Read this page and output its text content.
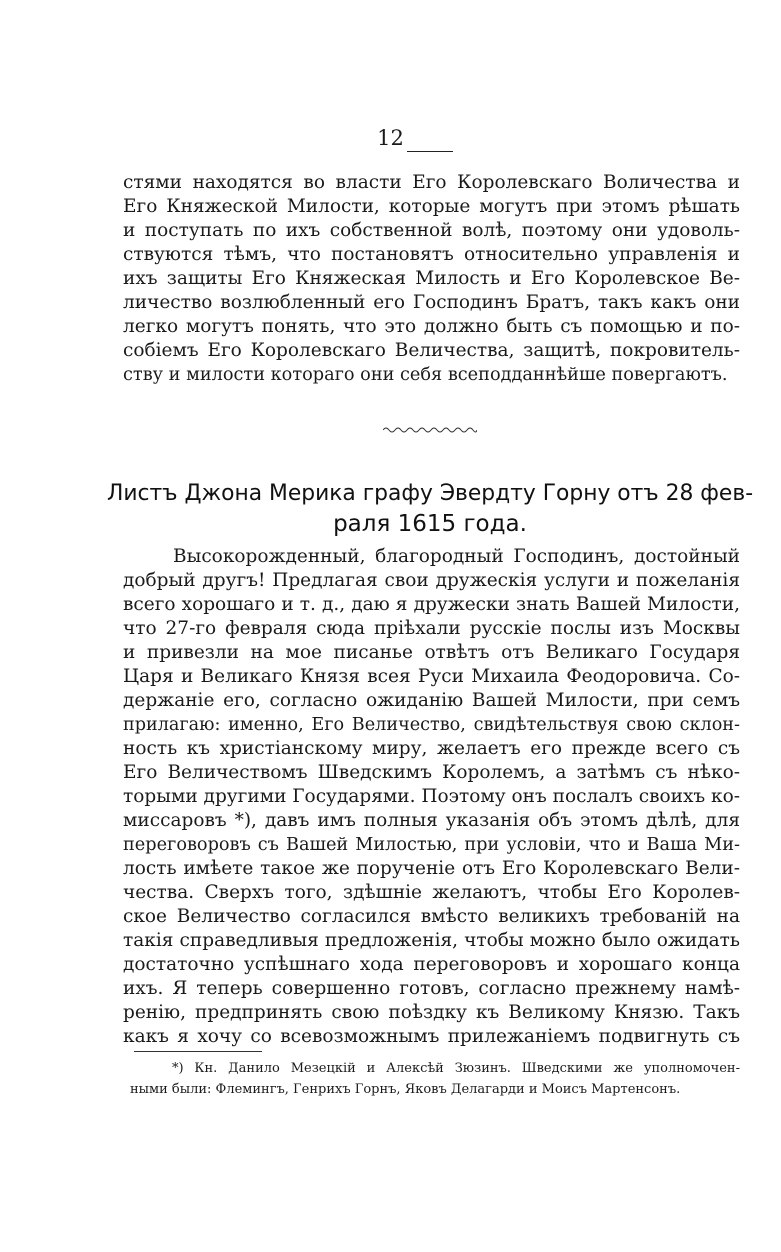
12
стями находятся во власти Его Королевскаго Воличества и
Его Княжеской Милости, которые могутъ при этомъ рѣшать
и поступать по ихъ собственной волѣ, поэтому они удоволь-
ствуются тѣмъ, что постановятъ относительно управленія и
ихъ защиты Его Княжеская Милость и Его Королевское Ве-
личество возлюбленный его Господинъ Братъ, такъ какъ они
легко могутъ понять, что это должно быть съ помощью и по-
собіемъ Его Королевскаго Величества, защитѣ, покровитель-
ству и милости котораго они себя всеподданнѣйше повергаютъ.
Листъ Джона Мерика графу Эвердту Горну отъ 28 фев-
раля 1615 года.
Высокорожденный, благородный Господинъ, достойный
добрый другъ! Предлагая свои дружескія услуги и пожеланія
всего хорошаго и т. д., даю я дружески знать Вашей Милости,
что 27-го февраля сюда пріѣхали русскіе послы изъ Москвы
и привезли на мое писанье отвѣтъ отъ Великаго Государя
Царя и Великаго Князя всея Руси Михаила Феодоровича. Со-
держаніе его, согласно ожиданію Вашей Милости, при семъ
прилагаю: именно, Его Величество, свидѣтельствуя свою склон-
ность къ христіанскому миру, желаетъ его прежде всего съ
Его Величествомъ Шведскимъ Королемъ, а затѣмъ съ нѣко-
торыми другими Государями. Поэтому онъ послалъ своихъ ко-
миссаровъ *), давъ имъ полныя указанія объ этомъ дѣлѣ, для
переговоровъ съ Вашей Милостью, при условіи, что и Ваша Ми-
лость имѣете такое же порученіе отъ Его Королевскаго Вели-
чества. Сверхъ того, здѣшніе желаютъ, чтобы Его Королев-
ское Величество согласился вмѣсто великихъ требованій на
такія справедливыя предложенія, чтобы можно было ожидать
достаточно успѣшнаго хода переговоровъ и хорошаго конца
ихъ. Я теперь совершенно готовъ, согласно прежнему намѣ-
ренію, предпринять свою поѣздку къ Великому Князю. Такъ
какъ я хочу со всевозможнымъ прилежаніемъ подвигнуть съ
*) Кн. Данило Мезецкій и Алексѣй Зюзинъ. Шведскими же уполномочен-
ными были: Флемингъ, Генрихъ Горнъ, Яковъ Делагарди и Моисъ Мартенсонъ.
